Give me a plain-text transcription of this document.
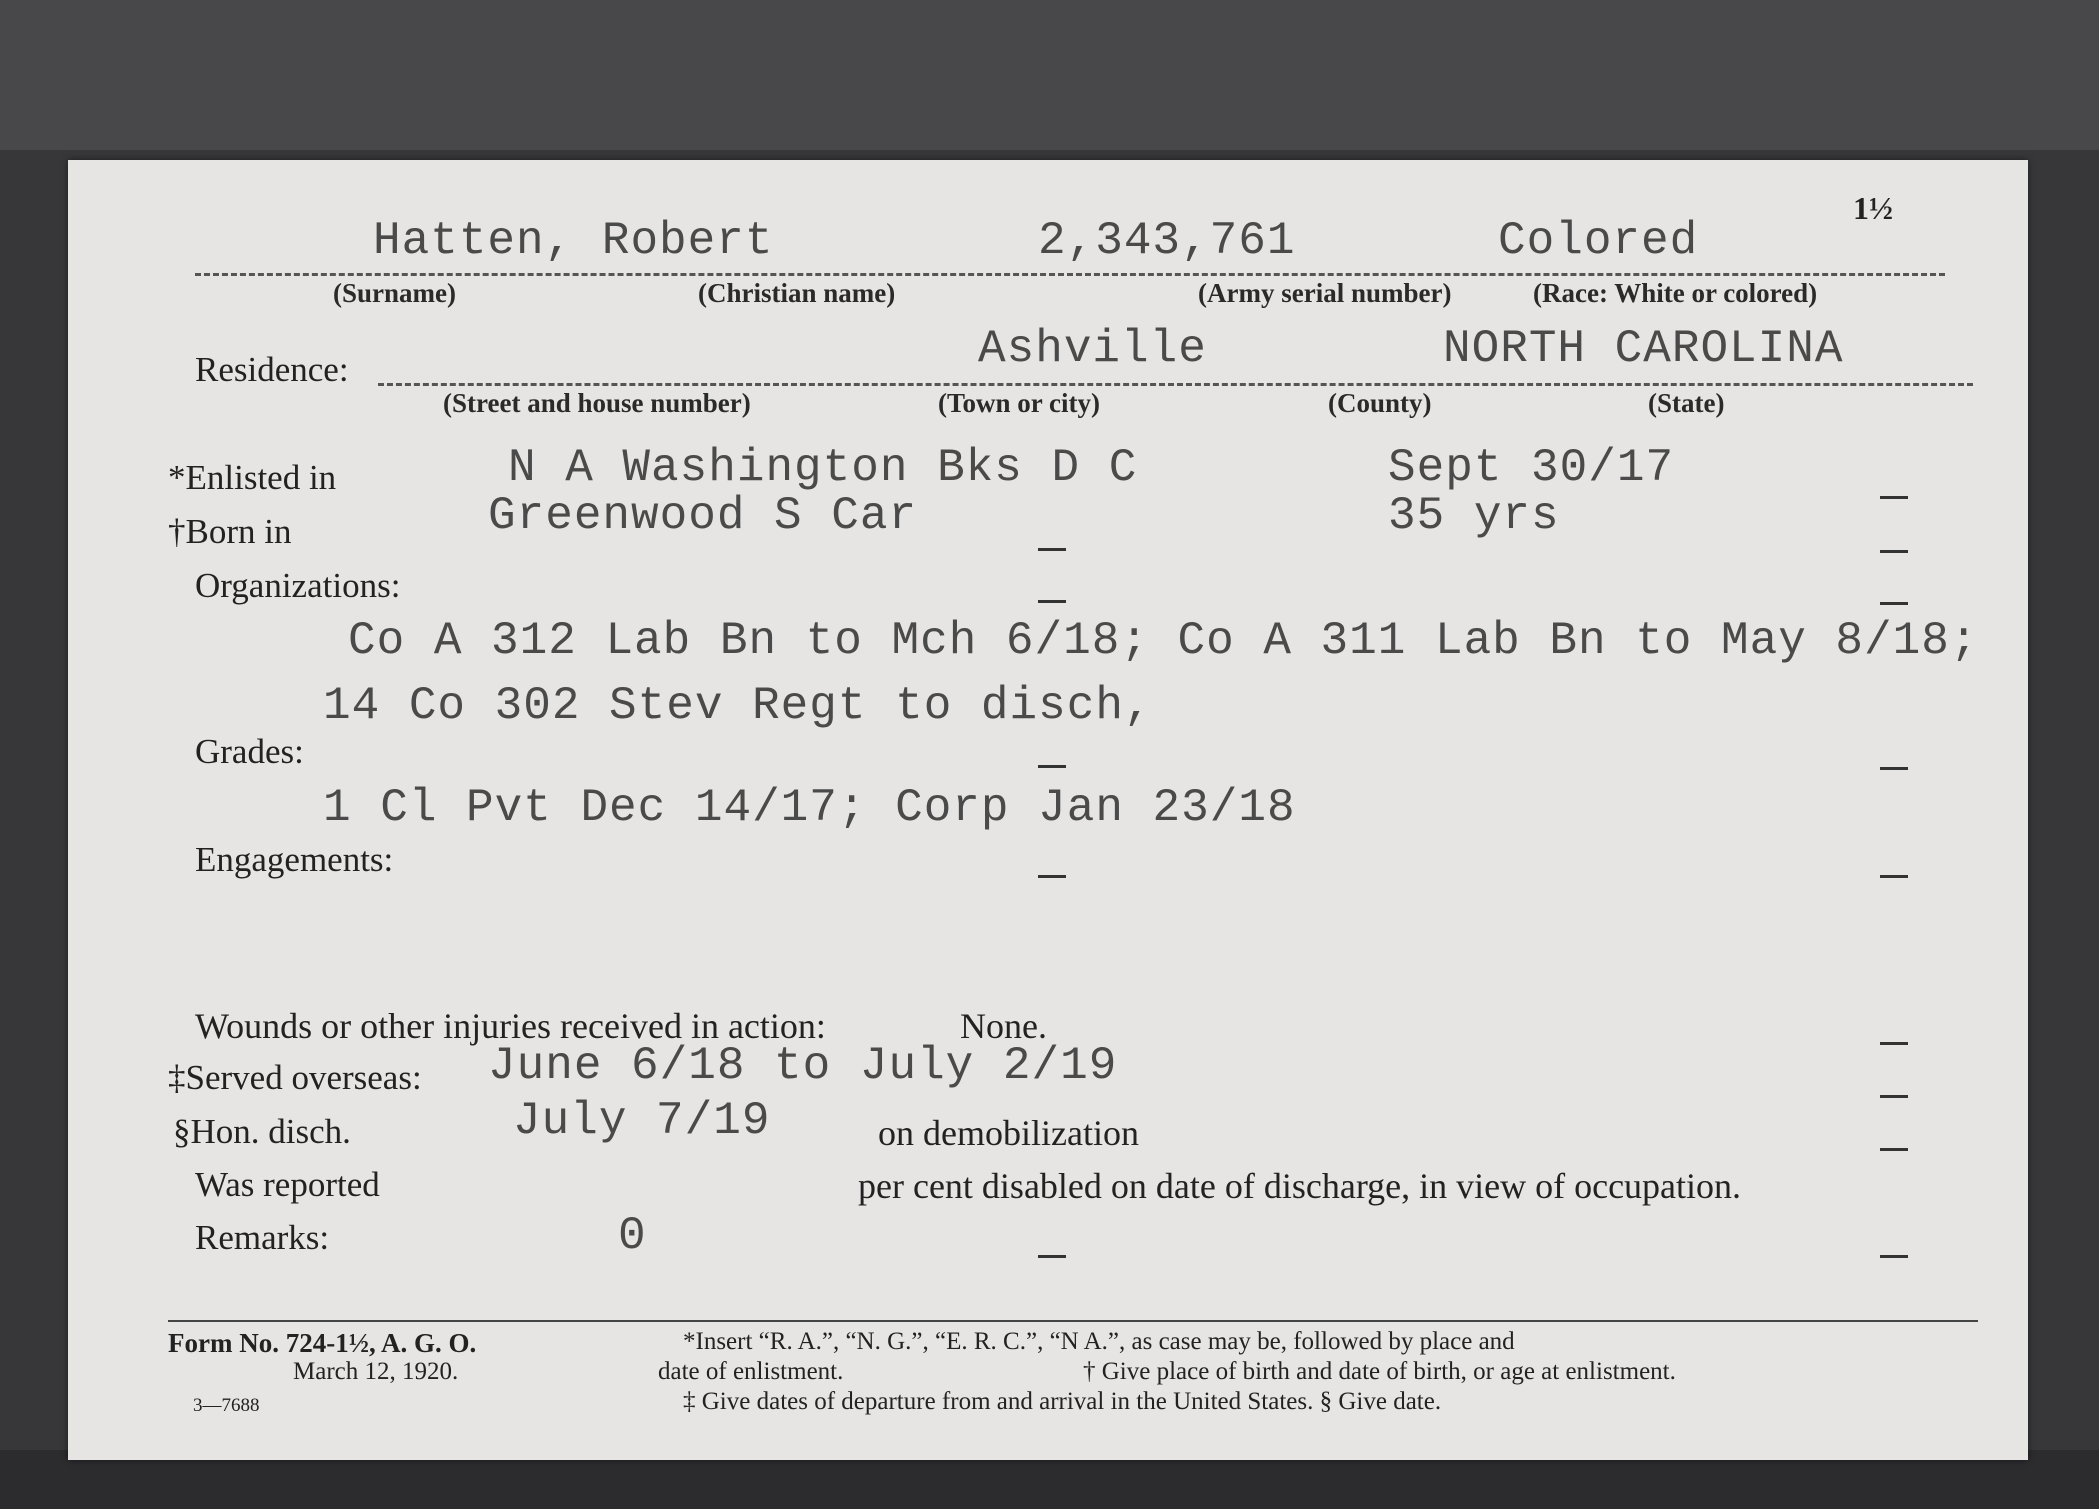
1½
Hatten, Robert	2,343,761	Colored
(Surname)	(Christian name)	(Army serial number)	(Race: White or colored)
Residence:	Ashville	NORTH CAROLINA
(Street and house number)	(Town or city)	(County)	(State)
*Enlisted in	N A Washington Bks D C	Sept 30/17
†Born in	Greenwood S Car	35 yrs
Organizations:
Co A 312 Lab Bn to Mch 6/18; Co A 311 Lab Bn to May 8/18;
14 Co 302 Stev Regt to disch,
Grades:
1 Cl Pvt Dec 14/17; Corp Jan 23/18
Engagements:
Wounds or other injuries received in action:	None.
‡Served overseas: June 6/18 to July 2/19
§Hon. disch.	July 7/19	on demobilization
Was reported	per cent disabled on date of discharge, in view of occupation.
Remarks:	0
Form No. 724-1½, A. G. O.
March 12, 1920.
3—7688
*Insert “R. A.”, “N. G.”, “E. R. C.”, “N A.”, as case may be, followed by place and
date of enlistment.	† Give place of birth and date of birth, or age at enlistment.
‡ Give dates of departure from and arrival in the United States. § Give date.
